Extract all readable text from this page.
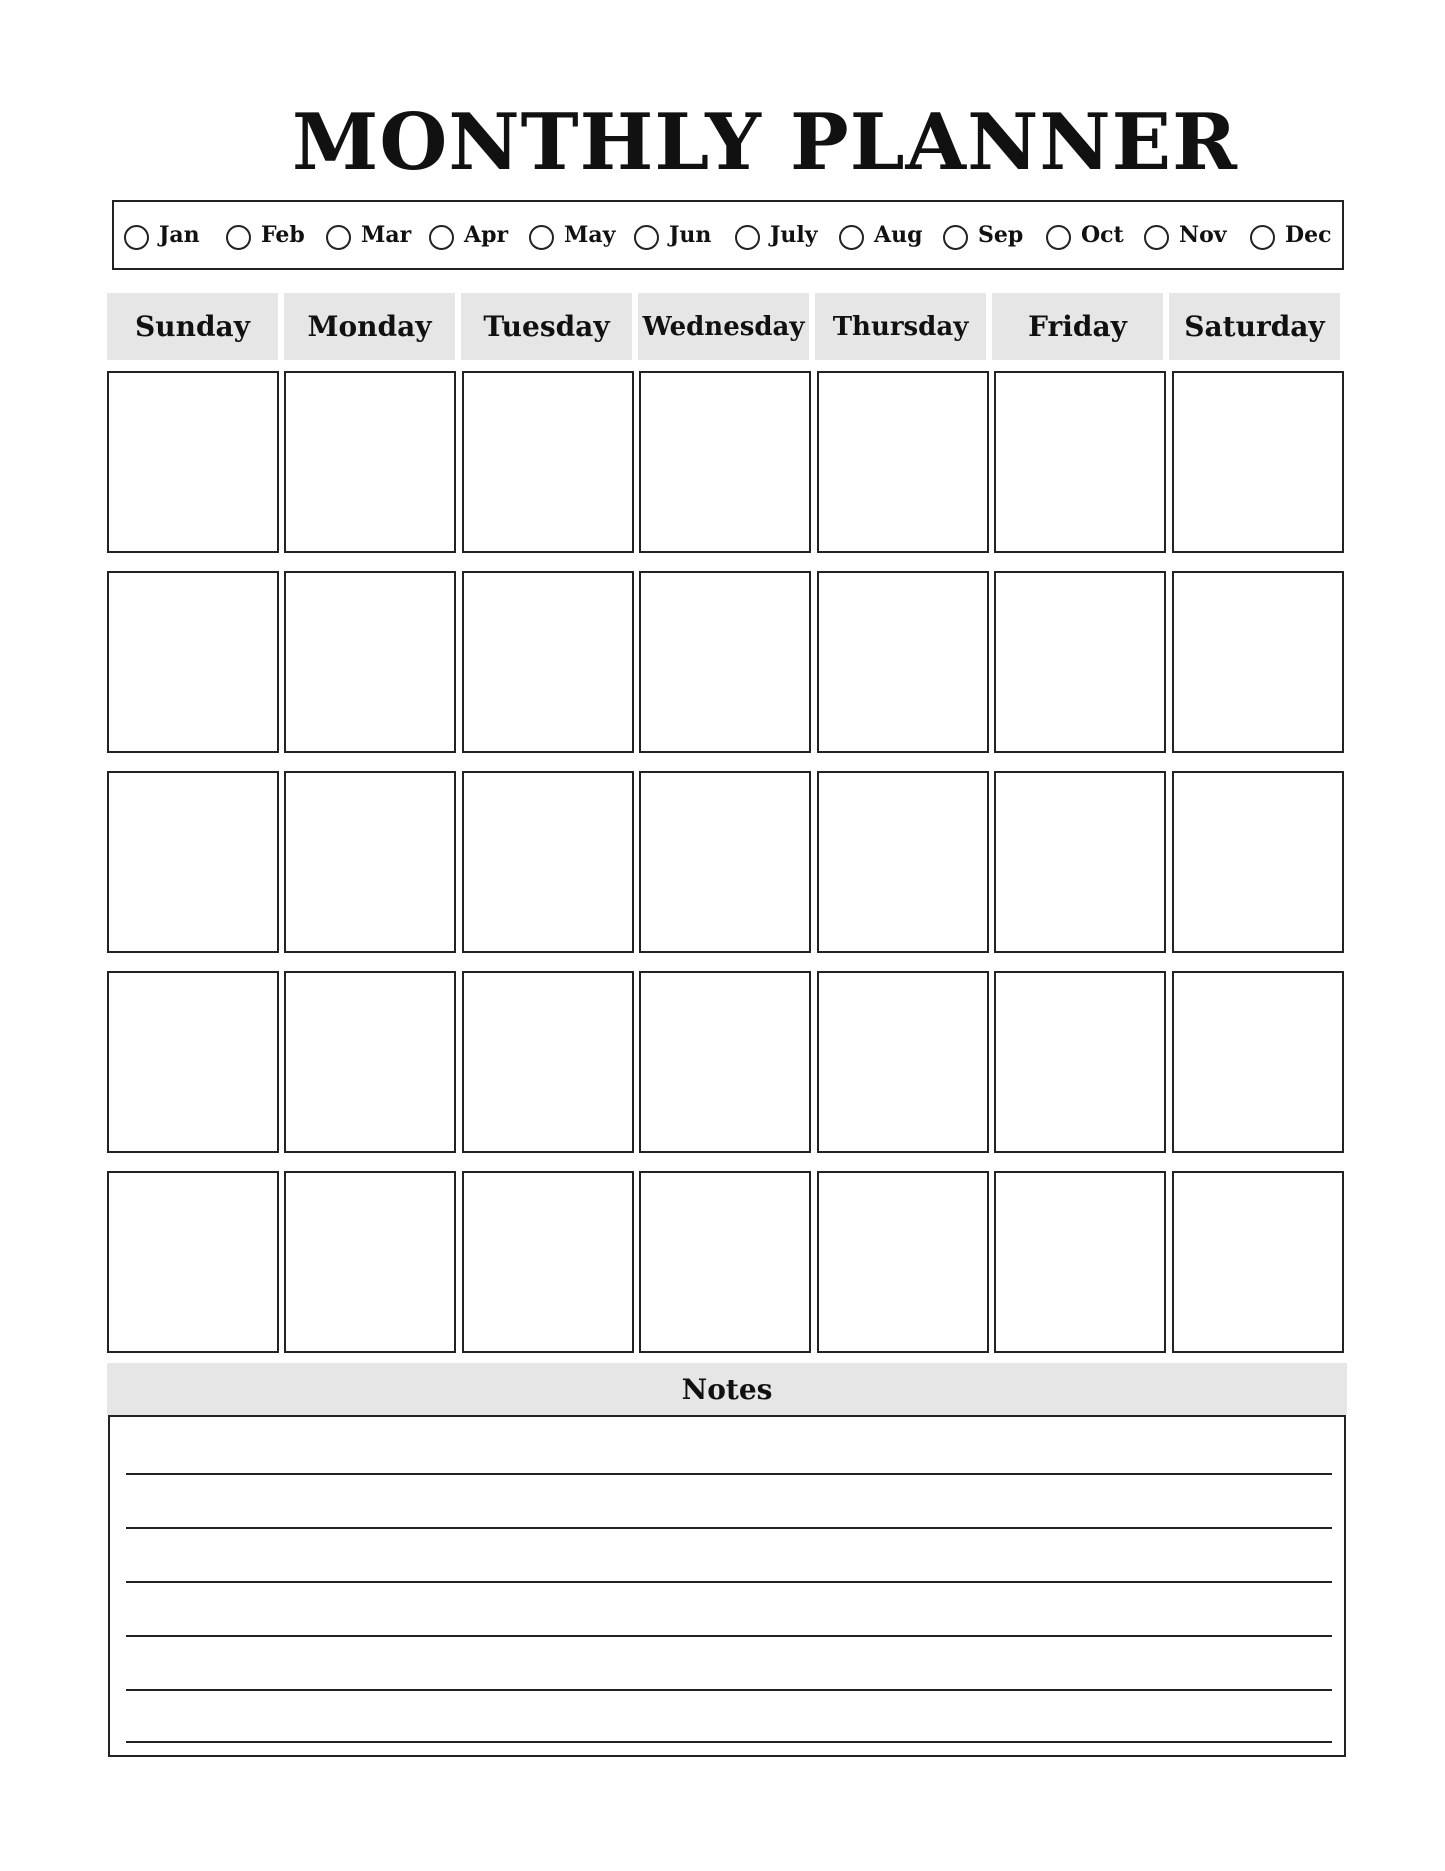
MONTHLY PLANNER
Jan	Feb	Mar Apr	May Jun	July	Aug	Sep	Oct	Nov	Dec
Sunday	Monday	Tuesday	Wednesday	Thursday	Friday	Saturday
Notes
